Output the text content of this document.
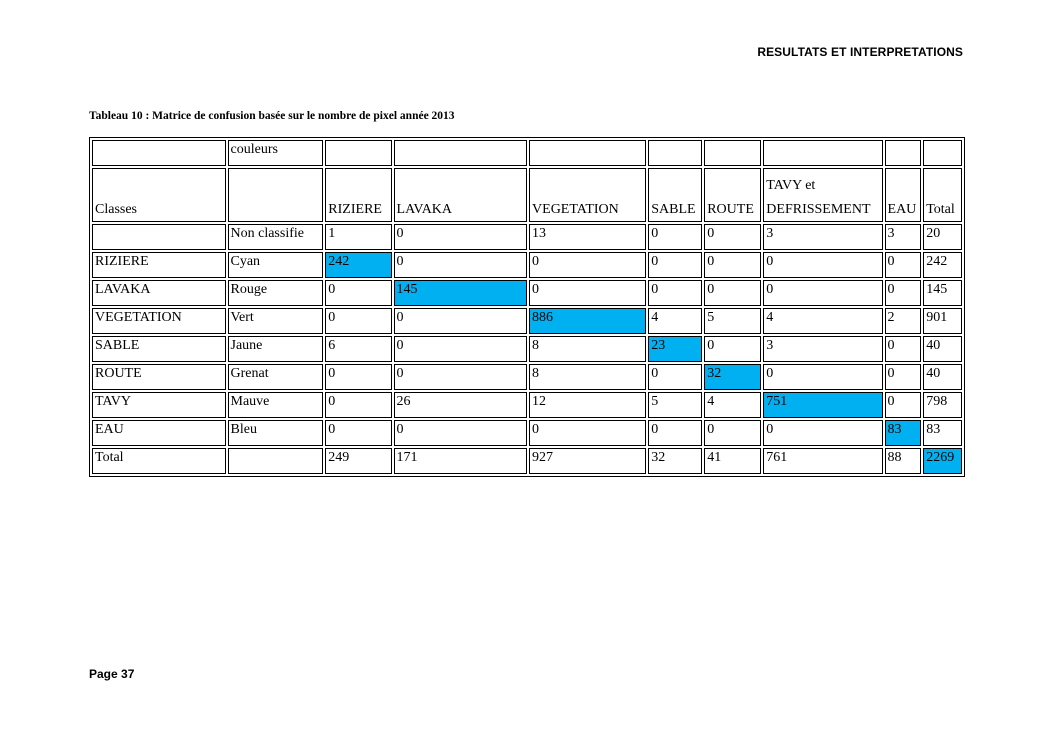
RESULTATS ET INTERPRETATIONS
Tableau 10 : Matrice de confusion basée sur le nombre de pixel année 2013
	couleurs								
Classes		RIZIERE	LAVAKA	VEGETATION	SABLE	ROUTE	TAVY et
DEFRISSEMENT	EAU	Total
	Non classifie	1	0	13	0	0	3	3	20
RIZIERE	Cyan	242	0	0	0	0	0	0	242
LAVAKA	Rouge	0	145	0	0	0	0	0	145
VEGETATION	Vert	0	0	886	4	5	4	2	901
SABLE	Jaune	6	0	8	23	0	3	0	40
ROUTE	Grenat	0	0	8	0	32	0	0	40
TAVY	Mauve	0	26	12	5	4	751	0	798
EAU	Bleu	0	0	0	0	0	0	83	83
Total		249	171	927	32	41	761	88	2269
Page 37
